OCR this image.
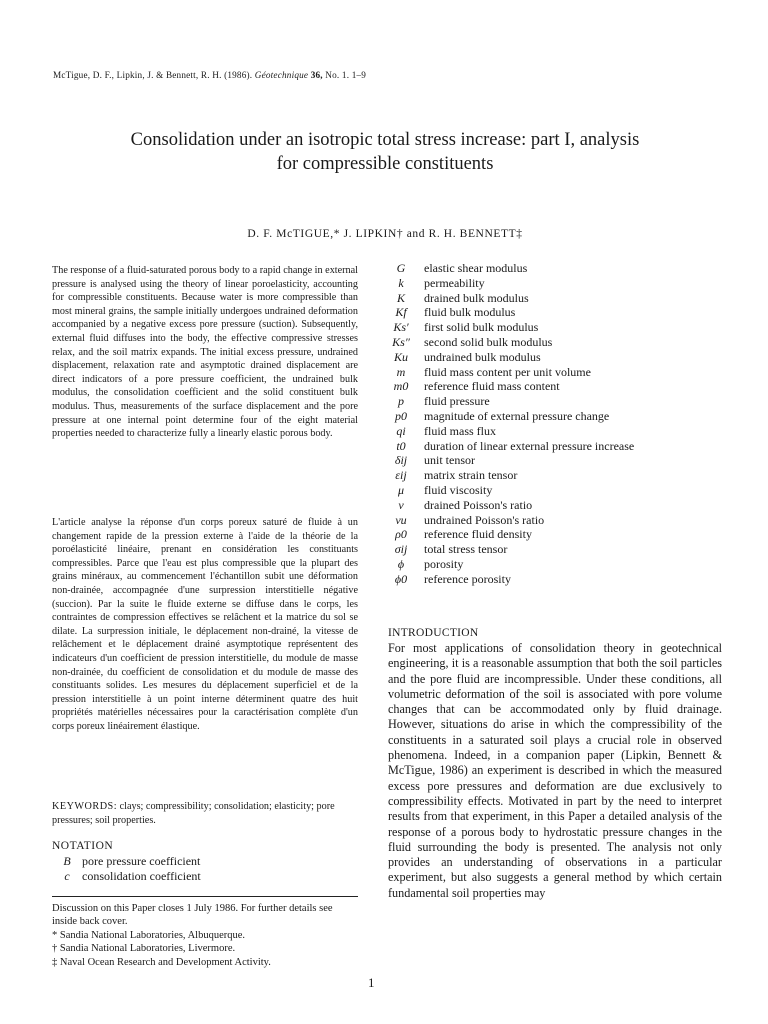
McTigue, D. F., Lipkin, J. & Bennett, R. H. (1986). Géotechnique 36, No. 1. 1–9
Consolidation under an isotropic total stress increase: part I, analysis for compressible constituents
D. F. McTIGUE,* J. LIPKIN† and R. H. BENNETT‡
The response of a fluid-saturated porous body to a rapid change in external pressure is analysed using the theory of linear poroelasticity, accounting for compressible constituents. Because water is more compressible than most mineral grains, the sample initially undergoes undrained deformation accompanied by a negative excess pore pressure (suction). Subsequently, external fluid diffuses into the body, the effective compressive stresses relax, and the soil matrix expands. The initial excess pressure, undrained displacement, relaxation rate and asymptotic drained displacement are direct indicators of a pore pressure coefficient, the undrained bulk modulus, the consolidation coefficient and the solid constituent bulk modulus. Thus, measurements of the surface displacement and the pore pressure at one internal point determine four of the eight material properties needed to characterize fully a linearly elastic porous body.
L'article analyse la réponse d'un corps poreux saturé de fluide à un changement rapide de la pression externe à l'aide de la théorie de la poroélasticité linéaire, prenant en considération les constituants compressibles. Parce que l'eau est plus compressible que la plupart des grains minéraux, au commencement l'échantillon subit une déformation non-drainée, accompagnée d'une surpression interstitielle négative (succion). Par la suite le fluide externe se diffuse dans le corps, les contraintes de compression effectives se relâchent et la matrice du sol se dilate. La surpression initiale, le déplacement non-drainé, la vitesse de relâchement et le déplacement drainé asymptotique représentent des indicateurs d'un coefficient de pression interstitielle, du module de masse non-drainée, du coefficient de consolidation et du module de masse des constituants solides. Les mesures du déplacement superficiel et de la pression interstitielle à un point interne déterminent quatre des huit propriétés matérielles nécessaires pour la caractérisation complète d'un corps poreux linéairement élastique.
KEYWORDS: clays; compressibility; consolidation; elasticity; pore pressures; soil properties.
NOTATION
B pore pressure coefficient
c	consolidation coefficient
Discussion on this Paper closes 1 July 1986. For further details see inside back cover.
* Sandia National Laboratories, Albuquerque.
† Sandia National Laboratories, Livermore.
‡ Naval Ocean Research and Development Activity.
G	elastic shear modulus
k	permeability
K	drained bulk modulus
Kf	fluid bulk modulus
Ks′	first solid bulk modulus
Ks″	second solid bulk modulus
Ku	undrained bulk modulus
m	fluid mass content per unit volume
m0	reference fluid mass content
p	fluid pressure
p0	magnitude of external pressure change
qi	fluid mass flux
t0	duration of linear external pressure increase
δij	unit tensor
εij	matrix strain tensor
μ	fluid viscosity
ν	drained Poisson's ratio
νu	undrained Poisson's ratio
ρ0	reference fluid density
σij	total stress tensor
ϕ	porosity
ϕ0	reference porosity
INTRODUCTION
For most applications of consolidation theory in geotechnical engineering, it is a reasonable assumption that both the soil particles and the pore fluid are incompressible. Under these conditions, all volumetric deformation of the soil is associated with pore volume changes that can be accommodated only by fluid drainage. However, situations do arise in which the compressibility of the constituents in a saturated soil plays a crucial role in observed phenomena. Indeed, in a companion paper (Lipkin, Bennett & McTigue, 1986) an experiment is described in which the measured excess pore pressures and deformation are due exclusively to compressibility effects. Motivated in part by the need to interpret results from that experiment, in this Paper a detailed analysis of the response of a porous body to hydrostatic pressure changes in the fluid surrounding the body is presented. The analysis not only provides an understanding of observations in a particular experiment, but also suggests a general method by which certain fundamental soil properties may
1
